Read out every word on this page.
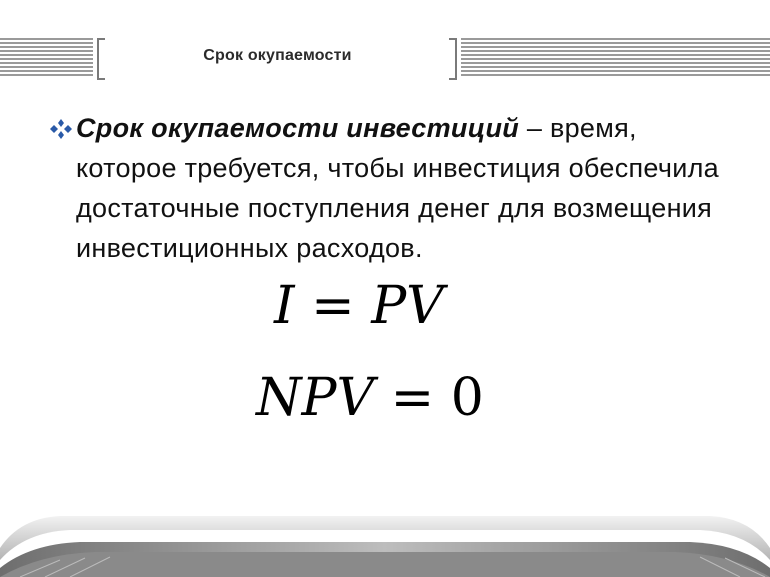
Срок окупаемости
Срок окупаемости инвестиций – время, которое требуется, чтобы инвестиция обеспечила достаточные поступления денег для возмещения инвестиционных расходов.
I = PV
NPV = 0
